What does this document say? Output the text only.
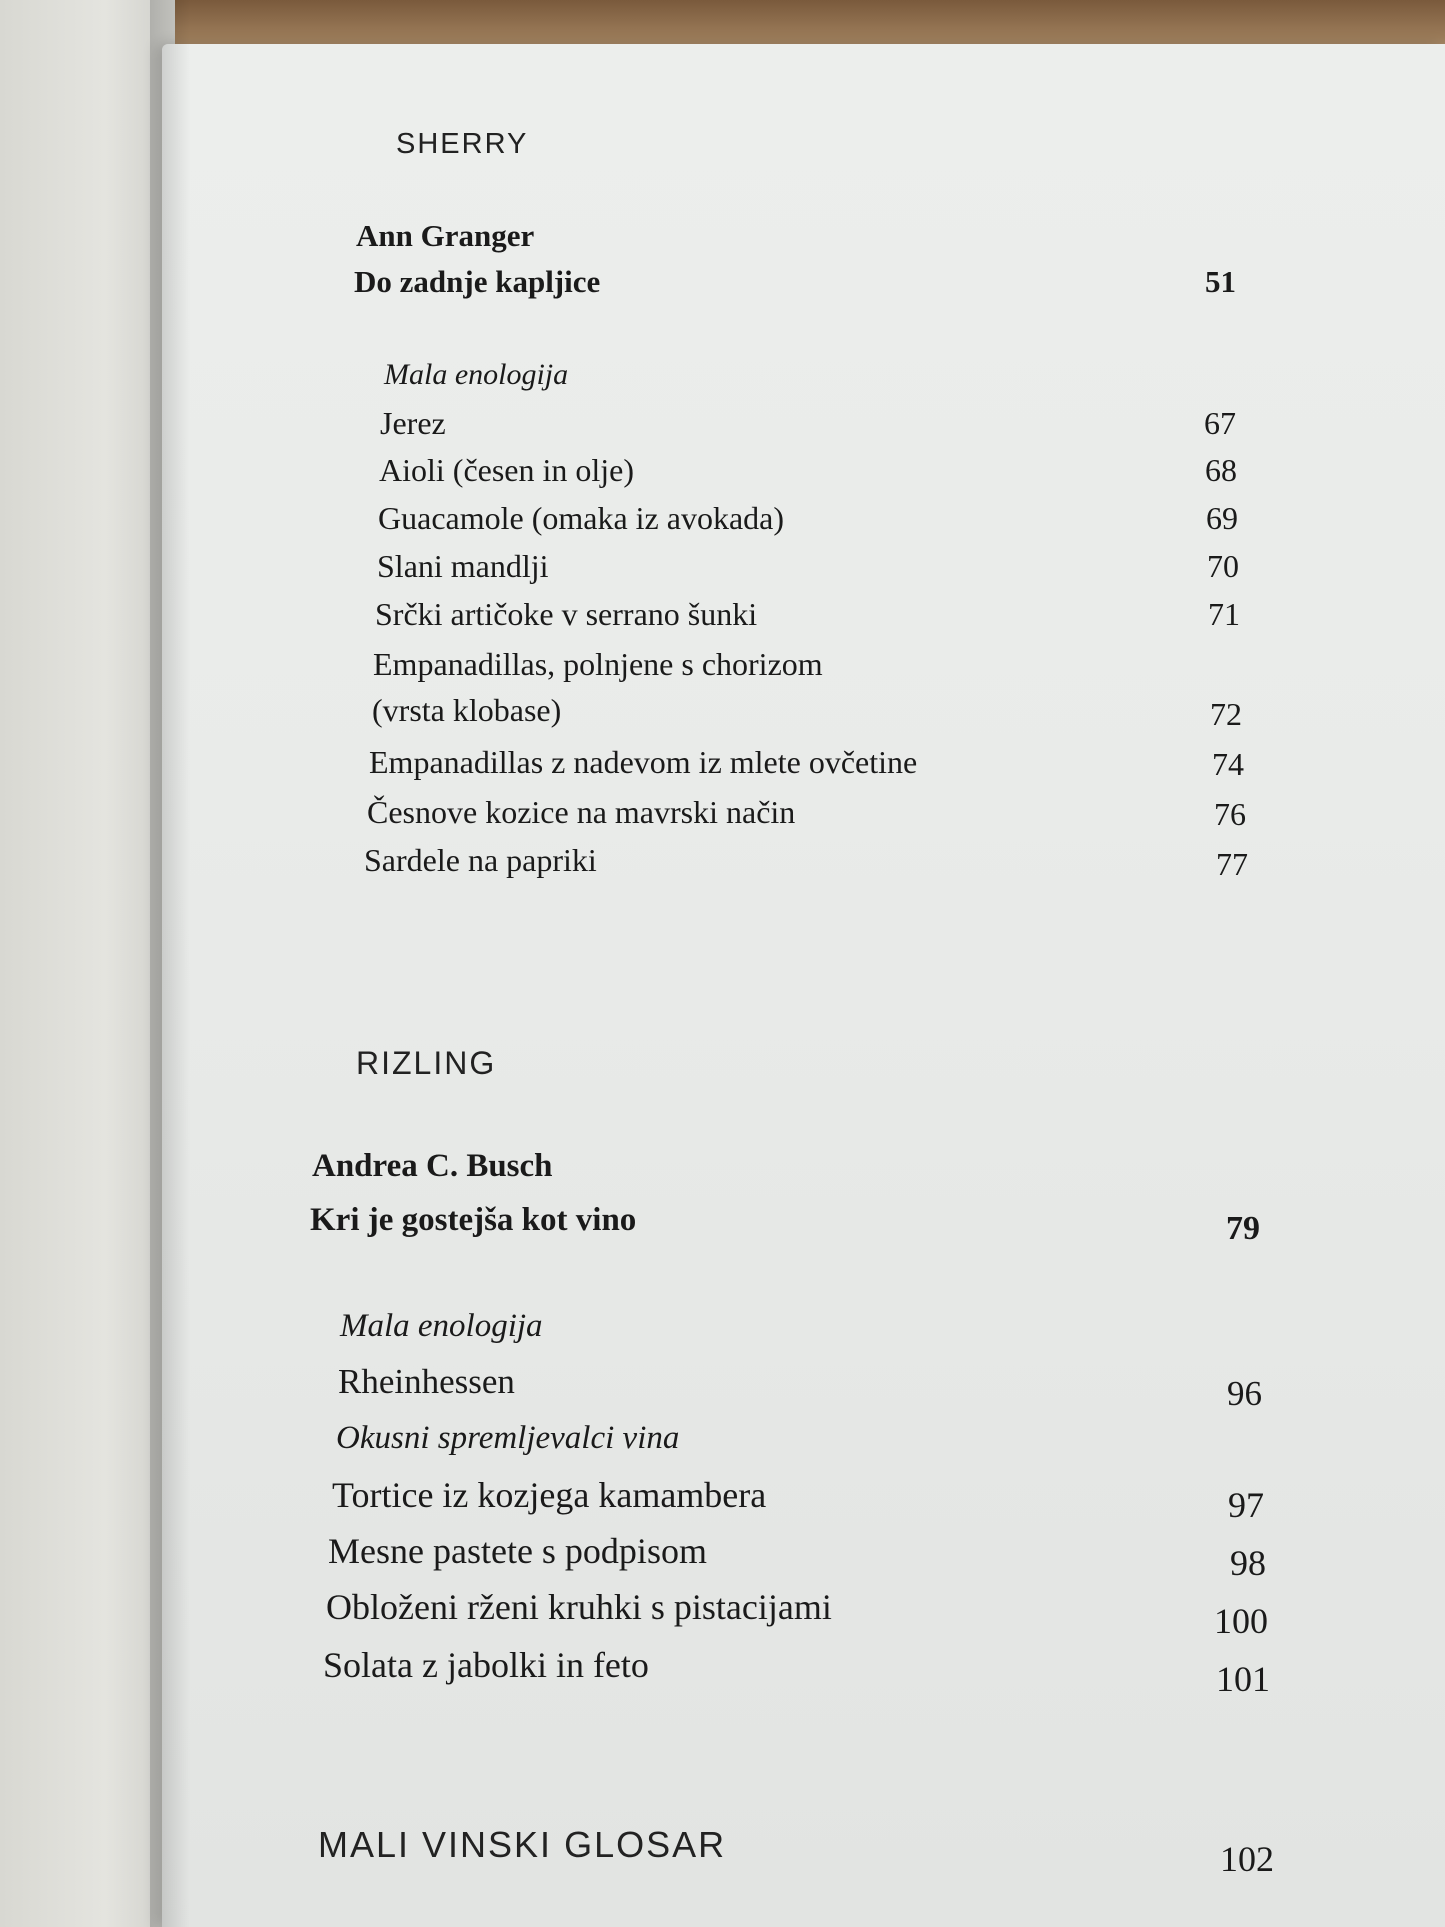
SHERRY
Ann Granger
Do zadnje kapljice	51
Mala enologija
Jerez	67
Aioli (česen in olje)	68
Guacamole (omaka iz avokada)	69
Slani mandlji	70
Srčki artičoke v serrano šunki	71
Empanadillas, polnjene s chorizom
(vrsta klobase)	72
Empanadillas z nadevom iz mlete ovčetine	74
Česnove kozice na mavrski način	76
Sardele na papriki	77
RIZLING
Andrea C. Busch
Kri je gostejša kot vino	79
Mala enologija
Rheinhessen	96
Okusni spremljevalci vina
Tortice iz kozjega kamambera	97
Mesne pastete s podpisom	98
Obloženi rženi kruhki s pistacijami	100
Solata z jabolki in feto	101
MALI VINSKI GLOSAR	102
